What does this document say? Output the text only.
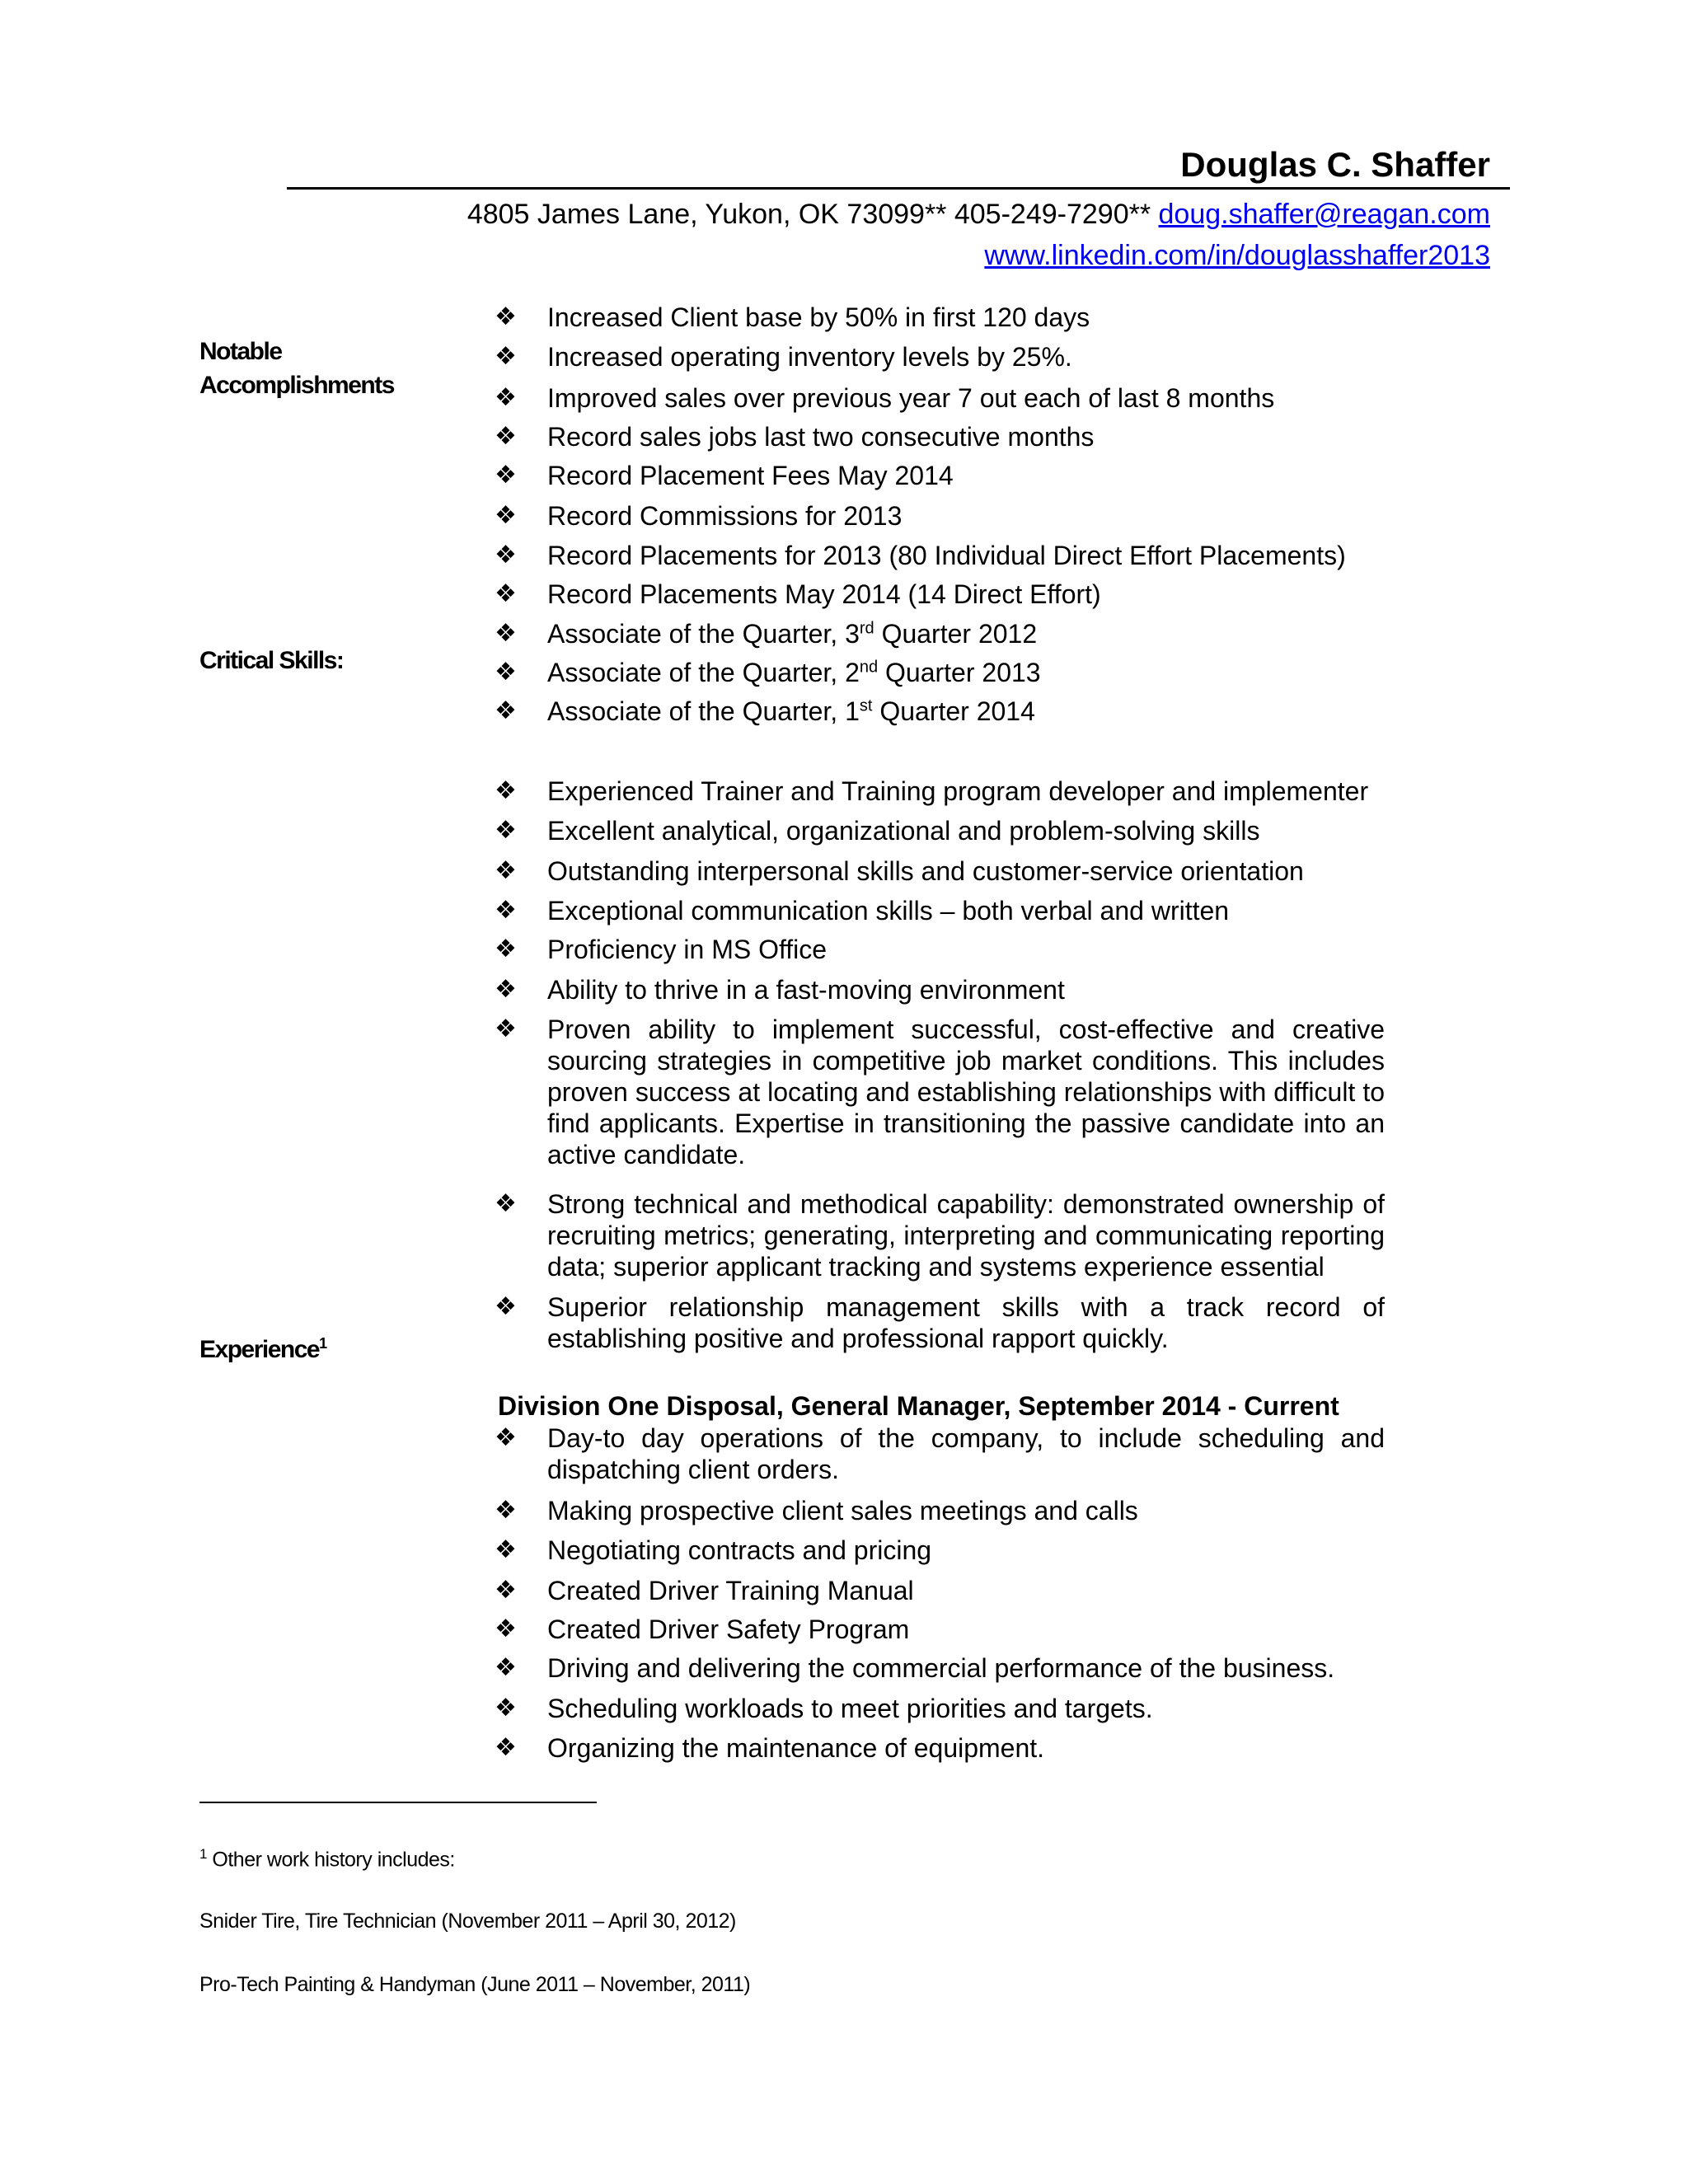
Douglas C. Shaffer
4805 James Lane, Yukon, OK 73099** 405-249-7290** doug.shaffer@reagan.com
www.linkedin.com/in/douglasshaffer2013
Notable
Accomplishments
Critical Skills:
Experience$^1$
❖ Increased Client base by 50% in first 120 days
❖ Increased operating inventory levels by 25%.
❖ Improved sales over previous year 7 out each of last 8 months
❖ Record sales jobs last two consecutive months
❖ Record Placement Fees May 2014
❖ Record Commissions for 2013
❖ Record Placements for 2013 (80 Individual Direct Effort Placements)
❖ Record Placements May 2014 (14 Direct Effort)
❖ Associate of the Quarter, 3rd Quarter 2012
❖ Associate of the Quarter, 2nd Quarter 2013
❖ Associate of the Quarter, 1st Quarter 2014
❖ Experienced Trainer and Training program developer and implementer
❖ Excellent analytical, organizational and problem-solving skills
❖ Outstanding interpersonal skills and customer-service orientation
❖ Exceptional communication skills – both verbal and written
❖ Proficiency in MS Office
❖ Ability to thrive in a fast-moving environment
❖ Proven ability to implement successful, cost-effective and creative sourcing strategies in competitive job market conditions. This includes proven success at locating and establishing relationships with difficult to find applicants. Expertise in transitioning the passive candidate into an active candidate.
❖ Strong technical and methodical capability: demonstrated ownership of recruiting metrics; generating, interpreting and communicating reporting data; superior applicant tracking and systems experience essential
❖ Superior relationship management skills with a track record of establishing positive and professional rapport quickly.
Division One Disposal, General Manager, September 2014 - Current
❖ Day-to day operations of the company, to include scheduling and dispatching client orders.
❖ Making prospective client sales meetings and calls
❖ Negotiating contracts and pricing
❖ Created Driver Training Manual
❖ Created Driver Safety Program
❖ Driving and delivering the commercial performance of the business.
❖ Scheduling workloads to meet priorities and targets.
❖ Organizing the maintenance of equipment.
$^1$ Other work history includes:
Snider Tire, Tire Technician (November 2011 – April 30, 2012)
Pro-Tech Painting & Handyman (June 2011 – November, 2011)
